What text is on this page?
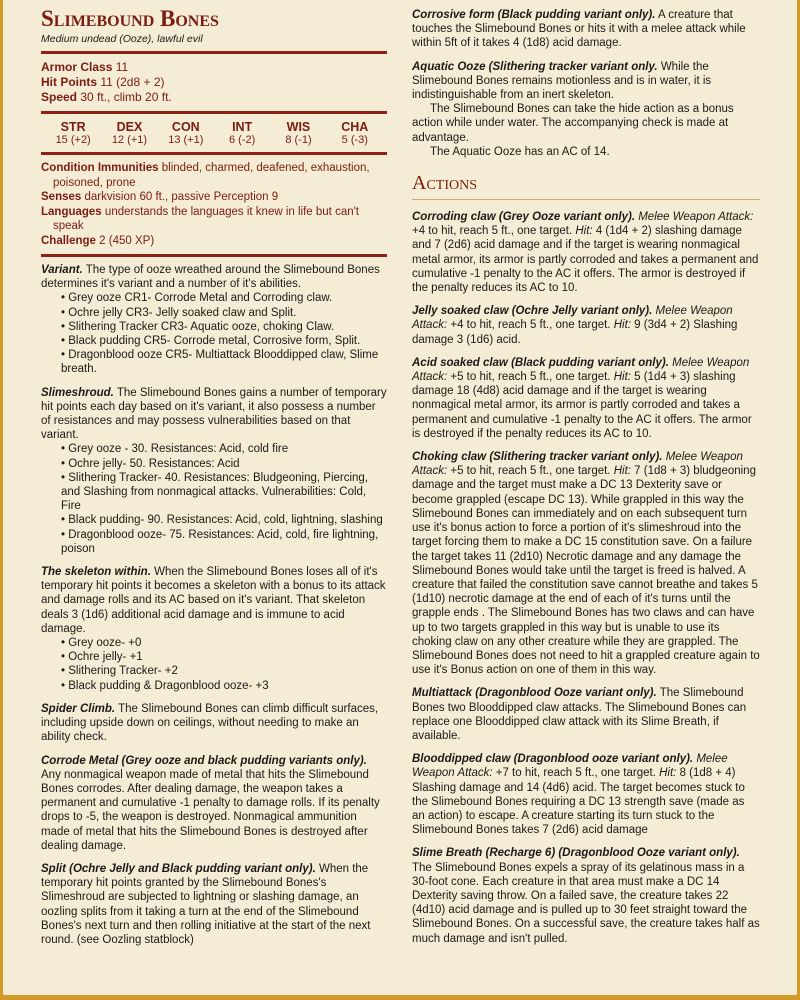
Slimebound Bones
Medium undead (Ooze), lawful evil
Armor Class 11
Hit Points 11 (2d8 + 2)
Speed 30 ft., climb 20 ft.
STR
15 (+2)
DEX
12 (+1)
CON
13 (+1)
INT
6 (-2)
WIS
8 (-1)
CHA
5 (-3)
Condition Immunities blinded, charmed, deafened, exhaustion, poisoned, prone
Senses darkvision 60 ft., passive Perception 9
Languages understands the languages it knew in life but can't speak
Challenge 2 (450 XP)
Variant. The type of ooze wreathed around the Slimebound Bones determines it's variant and a number of it's abilities.
• Grey ooze CR1- Corrode Metal and Corroding claw.
• Ochre jelly CR3- Jelly soaked claw and Split.
• Slithering Tracker CR3- Aquatic ooze, choking Claw.
• Black pudding CR5- Corrode metal, Corrosive form, Split.
• Dragonblood ooze CR5- Multiattack Blooddipped claw, Slime breath.
Slimeshroud. The Slimebound Bones gains a number of temporary hit points each day based on it's variant, it also possess a number of resistances and may possess vulnerabilities based on that variant.
• Grey ooze - 30. Resistances: Acid, cold fire
• Ochre jelly- 50. Resistances: Acid
• Slithering Tracker- 40. Resistances: Bludgeoning, Piercing, and Slashing from nonmagical attacks. Vulnerabilities: Cold, Fire
• Black pudding- 90. Resistances: Acid, cold, lightning, slashing
• Dragonblood ooze- 75. Resistances: Acid, cold, fire lightning, poison
The skeleton within. When the Slimebound Bones loses all of it's temporary hit points it becomes a skeleton with a bonus to its attack and damage rolls and its AC based on it's variant. That skeleton deals 3 (1d6) additional acid damage and is immune to acid damage.
• Grey ooze- +0
• Ochre jelly- +1
• Slithering Tracker- +2
• Black pudding & Dragonblood ooze- +3
Spider Climb. The Slimebound Bones can climb difficult surfaces, including upside down on ceilings, without needing to make an ability check.
Corrode Metal (Grey ooze and black pudding variants only). Any nonmagical weapon made of metal that hits the Slimebound Bones corrodes. After dealing damage, the weapon takes a permanent and cumulative -1 penalty to damage rolls. If its penalty drops to -5, the weapon is destroyed. Nonmagical ammunition made of metal that hits the Slimebound Bones is destroyed after dealing damage.
Split (Ochre Jelly and Black pudding variant only). When the temporary hit points granted by the Slimebound Bones's Slimeshroud are subjected to lightning or slashing damage, an oozling splits from it taking a turn at the end of the Slimebound Bones's next turn and then rolling initiative at the start of the next round. (see Oozling statblock)
Corrosive form (Black pudding variant only). A creature that touches the Slimebound Bones or hits it with a melee attack while within 5ft of it takes 4 (1d8) acid damage.
Aquatic Ooze (Slithering tracker variant only. While the Slimebound Bones remains motionless and is in water, it is indistinguishable from an inert skeleton.
The Slimebound Bones can take the hide action as a bonus action while under water. The accompanying check is made at advantage.
The Aquatic Ooze has an AC of 14.
Actions
Corroding claw (Grey Ooze variant only). Melee Weapon Attack: +4 to hit, reach 5 ft., one target. Hit: 4 (1d4 + 2) slashing damage and 7 (2d6) acid damage and if the target is wearing nonmagical metal armor, its armor is partly corroded and takes a permanent and cumulative -1 penalty to the AC it offers. The armor is destroyed if the penalty reduces its AC to 10.
Jelly soaked claw (Ochre Jelly variant only). Melee Weapon Attack: +4 to hit, reach 5 ft., one target. Hit: 9 (3d4 + 2) Slashing damage 3 (1d6) acid.
Acid soaked claw (Black pudding variant only). Melee Weapon Attack: +5 to hit, reach 5 ft., one target. Hit: 5 (1d4 + 3) slashing damage 18 (4d8) acid damage and if the target is wearing nonmagical metal armor, its armor is partly corroded and takes a permanent and cumulative -1 penalty to the AC it offers. The armor is destroyed if the penalty reduces its AC to 10.
Choking claw (Slithering tracker variant only). Melee Weapon Attack: +5 to hit, reach 5 ft., one target. Hit: 7 (1d8 + 3) bludgeoning damage and the target must make a DC 13 Dexterity save or become grappled (escape DC 13). While grappled in this way the Slimebound Bones can immediately and on each subsequent turn use it's bonus action to force a portion of it's slimeshroud into the target forcing them to make a DC 15 constitution save. On a failure the target takes 11 (2d10) Necrotic damage and any damage the Slimebound Bones would take until the target is freed is halved. A creature that failed the constitution save cannot breathe and takes 5 (1d10) necrotic damage at the end of each of it's turns until the grapple ends . The Slimebound Bones has two claws and can have up to two targets grappled in this way but is unable to use its choking claw on any other creature while they are grappled. The Slimebound Bones does not need to hit a grappled creature again to use it's Bonus action on one of them in this way.
Multiattack (Dragonblood Ooze variant only). The Slimebound Bones two Blooddipped claw attacks. The Slimebound Bones can replace one Blooddipped claw attack with its Slime Breath, if available.
Blooddipped claw (Dragonblood ooze variant only). Melee Weapon Attack: +7 to hit, reach 5 ft., one target. Hit: 8 (1d8 + 4) Slashing damage and 14 (4d6) acid. The target becomes stuck to the Slimebound Bones requiring a DC 13 strength save (made as an action) to escape. A creature starting its turn stuck to the Slimebound Bones takes 7 (2d6) acid damage
Slime Breath (Recharge 6) (Dragonblood Ooze variant only). The Slimebound Bones expels a spray of its gelatinous mass in a 30-foot cone. Each creature in that area must make a DC 14 Dexterity saving throw. On a failed save, the creature takes 22 (4d10) acid damage and is pulled up to 30 feet straight toward the Slimebound Bones. On a successful save, the creature takes half as much damage and isn't pulled.
